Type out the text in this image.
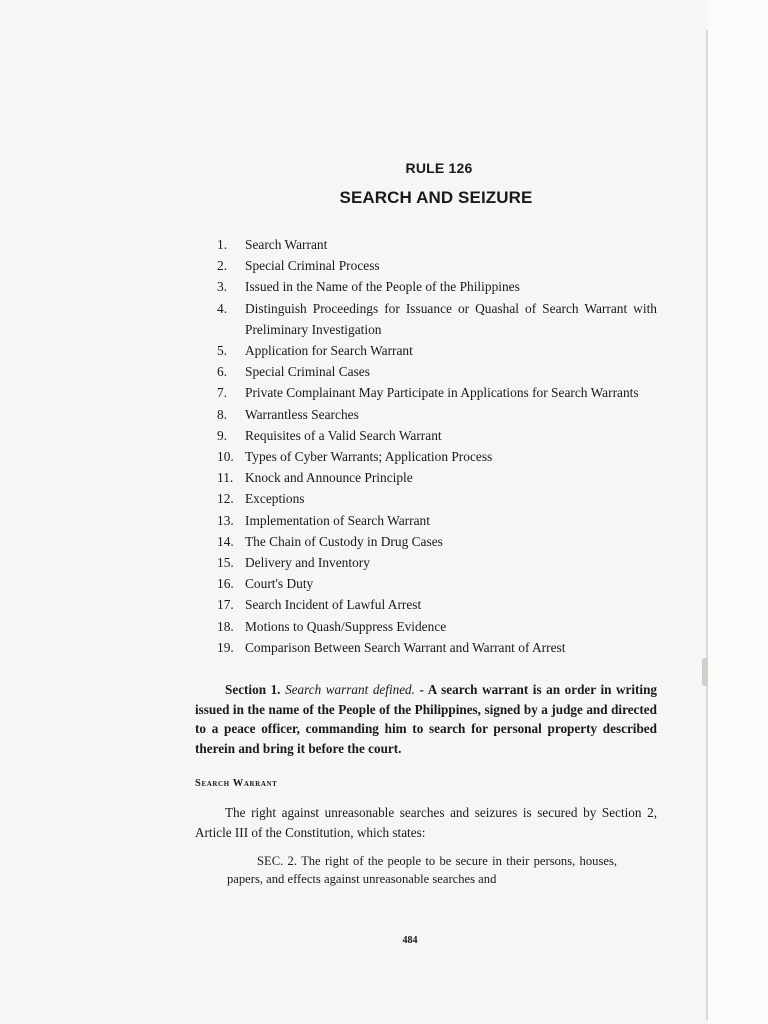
RULE 126
SEARCH AND SEIZURE
1.	Search Warrant
2.	Special Criminal Process
3.	Issued in the Name of the People of the Philippines
4.	Distinguish Proceedings for Issuance or Quashal of Search Warrant with Preliminary Investigation
5.	Application for Search Warrant
6.	Special Criminal Cases
7.	Private Complainant May Participate in Applications for Search Warrants
8.	Warrantless Searches
9.	Requisites of a Valid Search Warrant
10. Types of Cyber Warrants; Application Process
11. Knock and Announce Principle
12. Exceptions
13. Implementation of Search Warrant
14. The Chain of Custody in Drug Cases
15. Delivery and Inventory
16. Court's Duty
17. Search Incident of Lawful Arrest
18. Motions to Quash/Suppress Evidence
19. Comparison Between Search Warrant and Warrant of Arrest

Section 1. Search warrant defined. - A search warrant is an order in writing issued in the name of the People of the Philippines, signed by a judge and directed to a peace officer, commanding him to search for personal property described therein and bring it before the court.

Search Warrant

The right against unreasonable searches and seizures is secured by Section 2, Article III of the Constitution, which states:

SEC. 2. The right of the people to be secure in their persons, houses, papers, and effects against unreasonable searches and

484
